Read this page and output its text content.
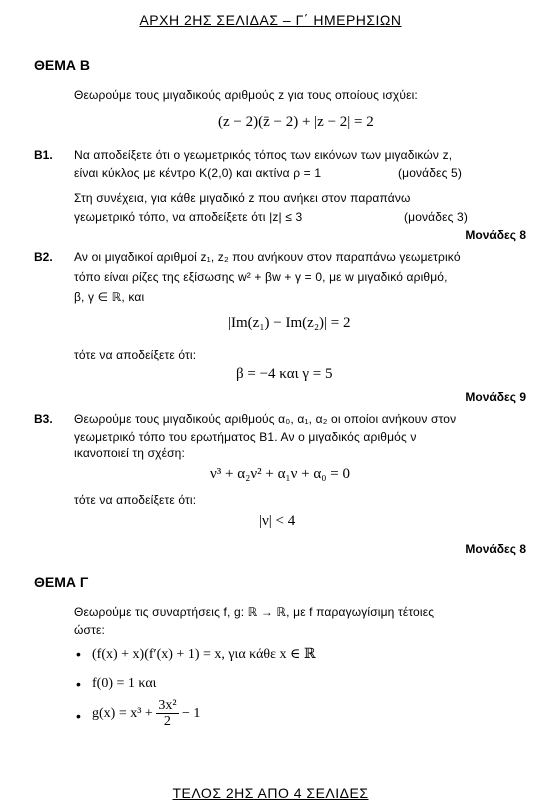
ΑΡΧΗ 2ΗΣ ΣΕΛΙΔΑΣ – Γ΄ ΗΜΕΡΗΣΙΩΝ
ΘΕΜΑ Β
Θεωρούμε τους μιγαδικούς αριθμούς z για τους οποίους ισχύει:
(z − 2)(z̄ − 2) + |z − 2| = 2
Β1. Να αποδείξετε ότι ο γεωμετρικός τόπος των εικόνων των μιγαδικών z,
είναι κύκλος με κέντρο K(2,0) και ακτίνα ρ = 1	(μονάδες 5)
Στη συνέχεια, για κάθε μιγαδικό z που ανήκει στον παραπάνω
γεωμετρικό τόπο, να αποδείξετε ότι |z| ≤ 3	(μονάδες 3)
Μονάδες 8
Β2. Αν οι μιγαδικοί αριθμοί z₁, z₂ που ανήκουν στον παραπάνω γεωμετρικό
τόπο είναι ρίζες της εξίσωσης w² + βw + γ = 0, με w μιγαδικό αριθμό,
β, γ ∈ ℝ, και
|Im(z₁) − Im(z₂)| = 2
τότε να αποδείξετε ότι:
β = −4 και γ = 5
Μονάδες 9
Β3. Θεωρούμε τους μιγαδικούς αριθμούς α₀, α₁, α₂ οι οποίοι ανήκουν στον
γεωμετρικό τόπο του ερωτήματος Β1. Αν ο μιγαδικός αριθμός ν
ικανοποιεί τη σχέση:
ν³ + α₂ν² + α₁ν + α₀ = 0
τότε να αποδείξετε ότι:
|ν| < 4
Μονάδες 8
ΘΕΜΑ Γ
Θεωρούμε τις συναρτήσεις f, g: ℝ → ℝ, με f παραγωγίσιμη τέτοιες
ώστε:
• (f(x) + x)(f′(x) + 1) = x, για κάθε x ∈ ℝ
• f(0) = 1 και
• $g(x) = x^3 + \frac{\text{3x²}}{2} - 1$
ΤΕΛΟΣ 2ΗΣ ΑΠΟ 4 ΣΕΛΙΔΕΣ
